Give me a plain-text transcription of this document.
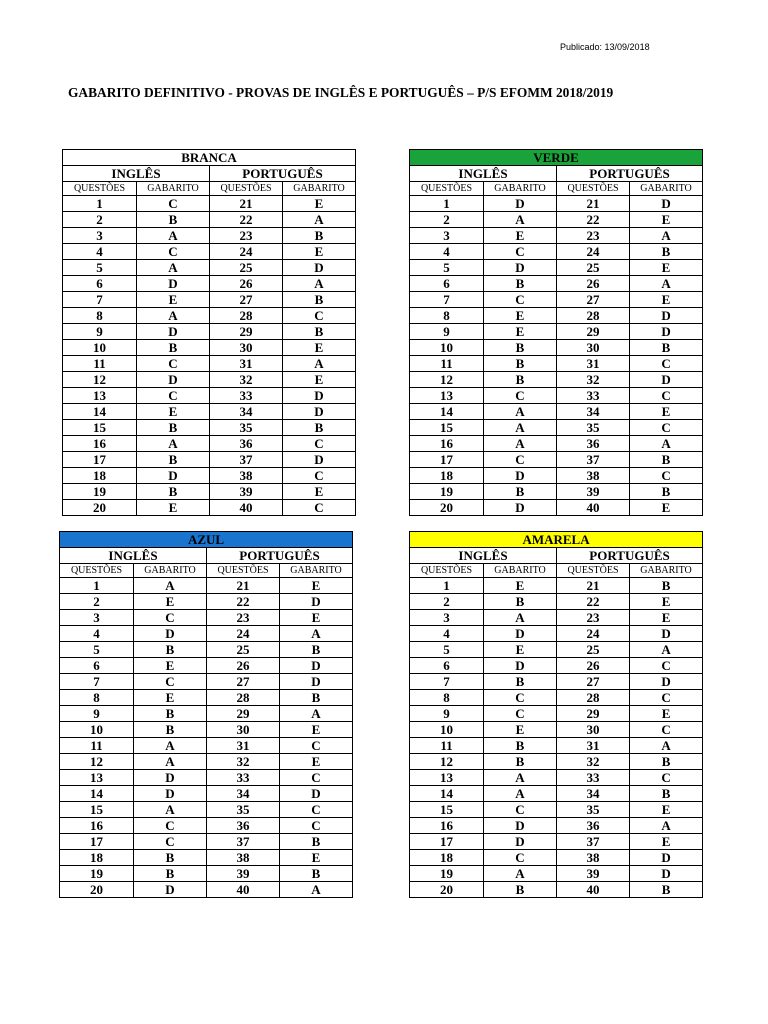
Publicado: 13/09/2018
GABARITO DEFINITIVO - PROVAS DE INGLÊS E PORTUGUÊS – P/S EFOMM 2018/2019
BRANCA			
INGLÊS		PORTUGUÊS	
QUESTÕES	GABARITO	QUESTÕES	GABARITO
1	C	21	E
2	B	22	A
3	A	23	B
4	C	24	E
5	A	25	D
6	D	26	A
7	E	27	B
8	A	28	C
9	D	29	B
10	B	30	E
11	C	31	A
12	D	32	E
13	C	33	D
14	E	34	D
15	B	35	B
16	A	36	C
17	B	37	D
18	D	38	C
19	B	39	E
20	E	40	C
VERDE			
INGLÊS		PORTUGUÊS	
QUESTÕES	GABARITO	QUESTÕES	GABARITO
1	D	21	D
2	A	22	E
3	E	23	A
4	C	24	B
5	D	25	E
6	B	26	A
7	C	27	E
8	E	28	D
9	E	29	D
10	B	30	B
11	B	31	C
12	B	32	D
13	C	33	C
14	A	34	E
15	A	35	C
16	A	36	A
17	C	37	B
18	D	38	C
19	B	39	B
20	D	40	E
AZUL			
INGLÊS		PORTUGUÊS	
QUESTÕES	GABARITO	QUESTÕES	GABARITO
1	A	21	E
2	E	22	D
3	C	23	E
4	D	24	A
5	B	25	B
6	E	26	D
7	C	27	D
8	E	28	B
9	B	29	A
10	B	30	E
11	A	31	C
12	A	32	E
13	D	33	C
14	D	34	D
15	A	35	C
16	C	36	C
17	C	37	B
18	B	38	E
19	B	39	B
20	D	40	A
AMARELA			
INGLÊS		PORTUGUÊS	
QUESTÕES	GABARITO	QUESTÕES	GABARITO
1	E	21	B
2	B	22	E
3	A	23	E
4	D	24	D
5	E	25	A
6	D	26	C
7	B	27	D
8	C	28	C
9	C	29	E
10	E	30	C
11	B	31	A
12	B	32	B
13	A	33	C
14	A	34	B
15	C	35	E
16	D	36	A
17	D	37	E
18	C	38	D
19	A	39	D
20	B	40	B
